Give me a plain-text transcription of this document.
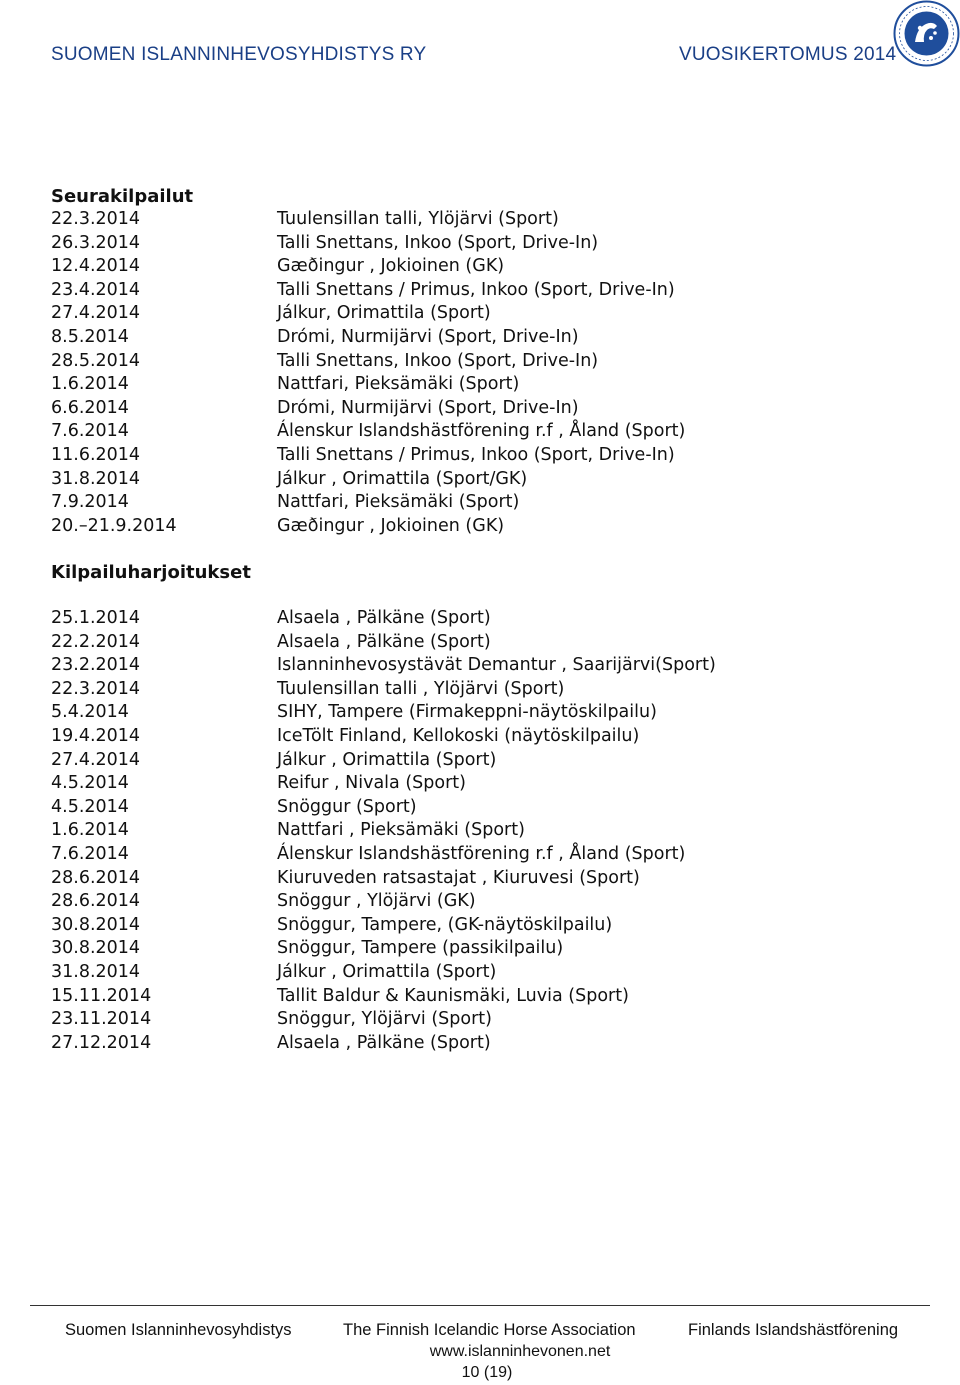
SUOMEN ISLANNINHEVOSYHDISTYS RY	VUOSIKERTOMUS 2014
Seurakilpailut
22.3.2014	Tuulensillan talli, Ylöjärvi (Sport)
26.3.2014	Talli Snettans, Inkoo (Sport, Drive-In)
12.4.2014	Gæðingur , Jokioinen (GK)
23.4.2014	Talli Snettans / Primus, Inkoo (Sport, Drive-In)
27.4.2014	Jálkur, Orimattila (Sport)
8.5.2014	Drómi, Nurmijärvi (Sport, Drive-In)
28.5.2014	Talli Snettans, Inkoo (Sport, Drive-In)
1.6.2014	Nattfari, Pieksämäki (Sport)
6.6.2014	Drómi, Nurmijärvi (Sport, Drive-In)
7.6.2014	Álenskur Islandshästförening r.f , Åland (Sport)
11.6.2014	Talli Snettans / Primus, Inkoo (Sport, Drive-In)
31.8.2014	Jálkur , Orimattila (Sport/GK)
7.9.2014	Nattfari, Pieksämäki (Sport)
20.–21.9.2014	Gæðingur , Jokioinen (GK)
Kilpailuharjoitukset
25.1.2014	Alsaela , Pälkäne (Sport)
22.2.2014	Alsaela , Pälkäne (Sport)
23.2.2014	Islanninhevosystävät Demantur , Saarijärvi(Sport)
22.3.2014	Tuulensillan talli , Ylöjärvi (Sport)
5.4.2014	SIHY, Tampere (Firmakeppni-näytöskilpailu)
19.4.2014	IceTölt Finland, Kellokoski (näytöskilpailu)
27.4.2014	Jálkur , Orimattila (Sport)
4.5.2014	Reifur , Nivala (Sport)
4.5.2014	Snöggur (Sport)
1.6.2014	Nattfari , Pieksämäki (Sport)
7.6.2014	Álenskur Islandshästförening r.f , Åland (Sport)
28.6.2014	Kiuruveden ratsastajat , Kiuruvesi (Sport)
28.6.2014	Snöggur , Ylöjärvi (GK)
30.8.2014	Snöggur, Tampere, (GK-näytöskilpailu)
30.8.2014	Snöggur, Tampere (passikilpailu)
31.8.2014	Jálkur , Orimattila (Sport)
15.11.2014	Tallit Baldur & Kaunismäki, Luvia (Sport)
23.11.2014	Snöggur, Ylöjärvi (Sport)
27.12.2014	Alsaela , Pälkäne (Sport)
Suomen Islanninhevosyhdistys	The Finnish Icelandic Horse Association	Finlands Islandshästförening
www.islanninhevonen.net
10 (19)
